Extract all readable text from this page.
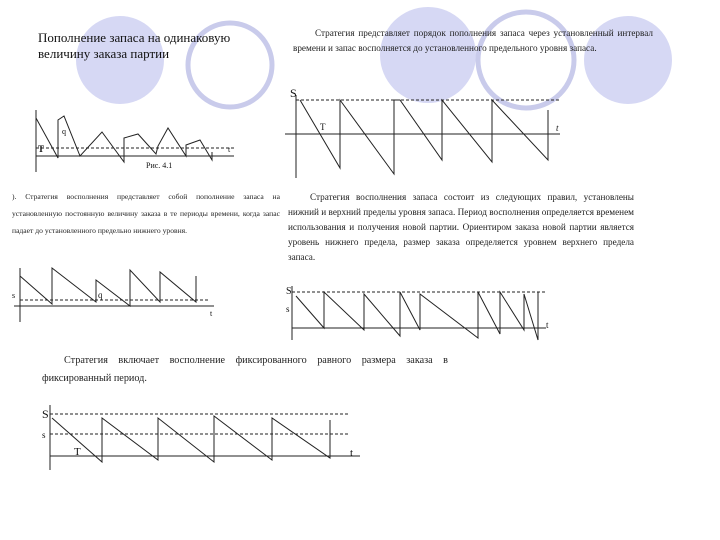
Пополнение запаса на одинаковую величину заказа партии
Стратегия представляет порядок пополнения запаса через установленный интервал времени и запас восполняется до установленного предельного уровня запаса.
). Стратегия восполнения представляет собой пополнение запаса на установленную постоянную величину заказа в те периоды времени, когда запас падает до установленного предельно нижнего уровня.
Стратегия восполнения запаса состоит из следующих правил, установлены нижний и верхний пределы уровня запаса. Период восполнения определяется временем использования и получения новой партии. Ориентиром заказа новой партии является уровень нижнего предела, размер заказа определяется уровнем верхнего предела запаса.
Стратегия включает восполнение фиксированного равного размера заказа в фиксированный период.
q
T	t
Рис. 4.1
S
T	t
s	q
t
S
s
t
S
s
T	t
